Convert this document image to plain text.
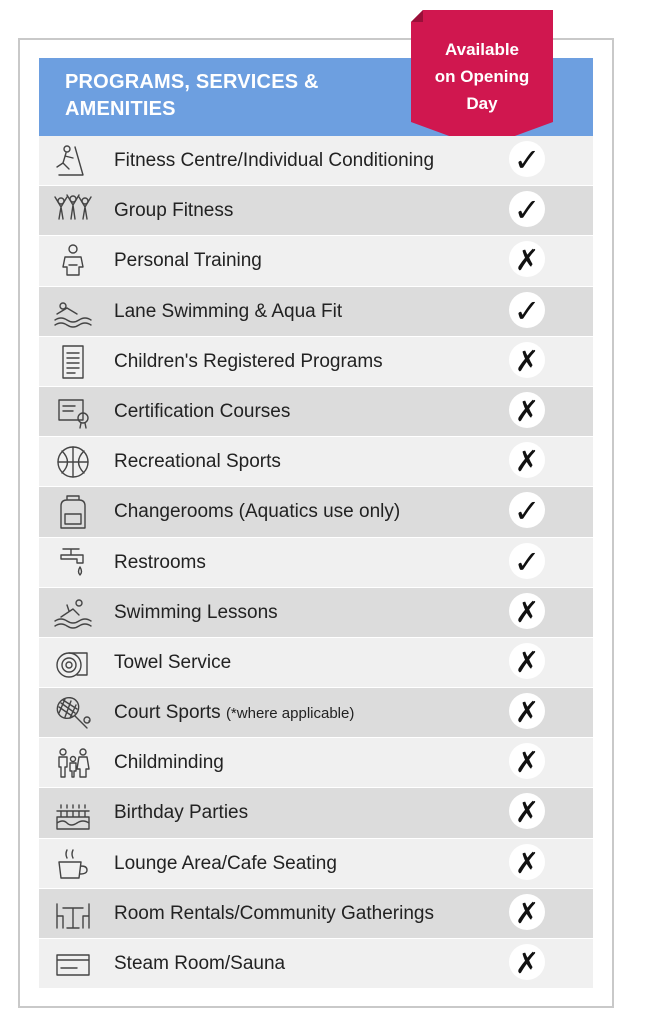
PROGRAMS, SERVICES &
AMENITIES
Available
on Opening
Day
Fitness Centre/Individual Conditioning ✓
Group Fitness	✓
Personal Training	✗
Lane Swimming & Aqua Fit	✓
Children's Registered Programs	✗
Certification Courses	✗
Recreational Sports	✗
Changerooms (Aquatics use only)	✓
Restrooms	✓
Swimming Lessons	✗
Towel Service	✗
Court Sports (*where applicable)	✗
Childminding	✗
Birthday Parties	✗
Lounge Area/Cafe Seating	✗
Room Rentals/Community Gatherings	✗
Steam Room/Sauna	✗
